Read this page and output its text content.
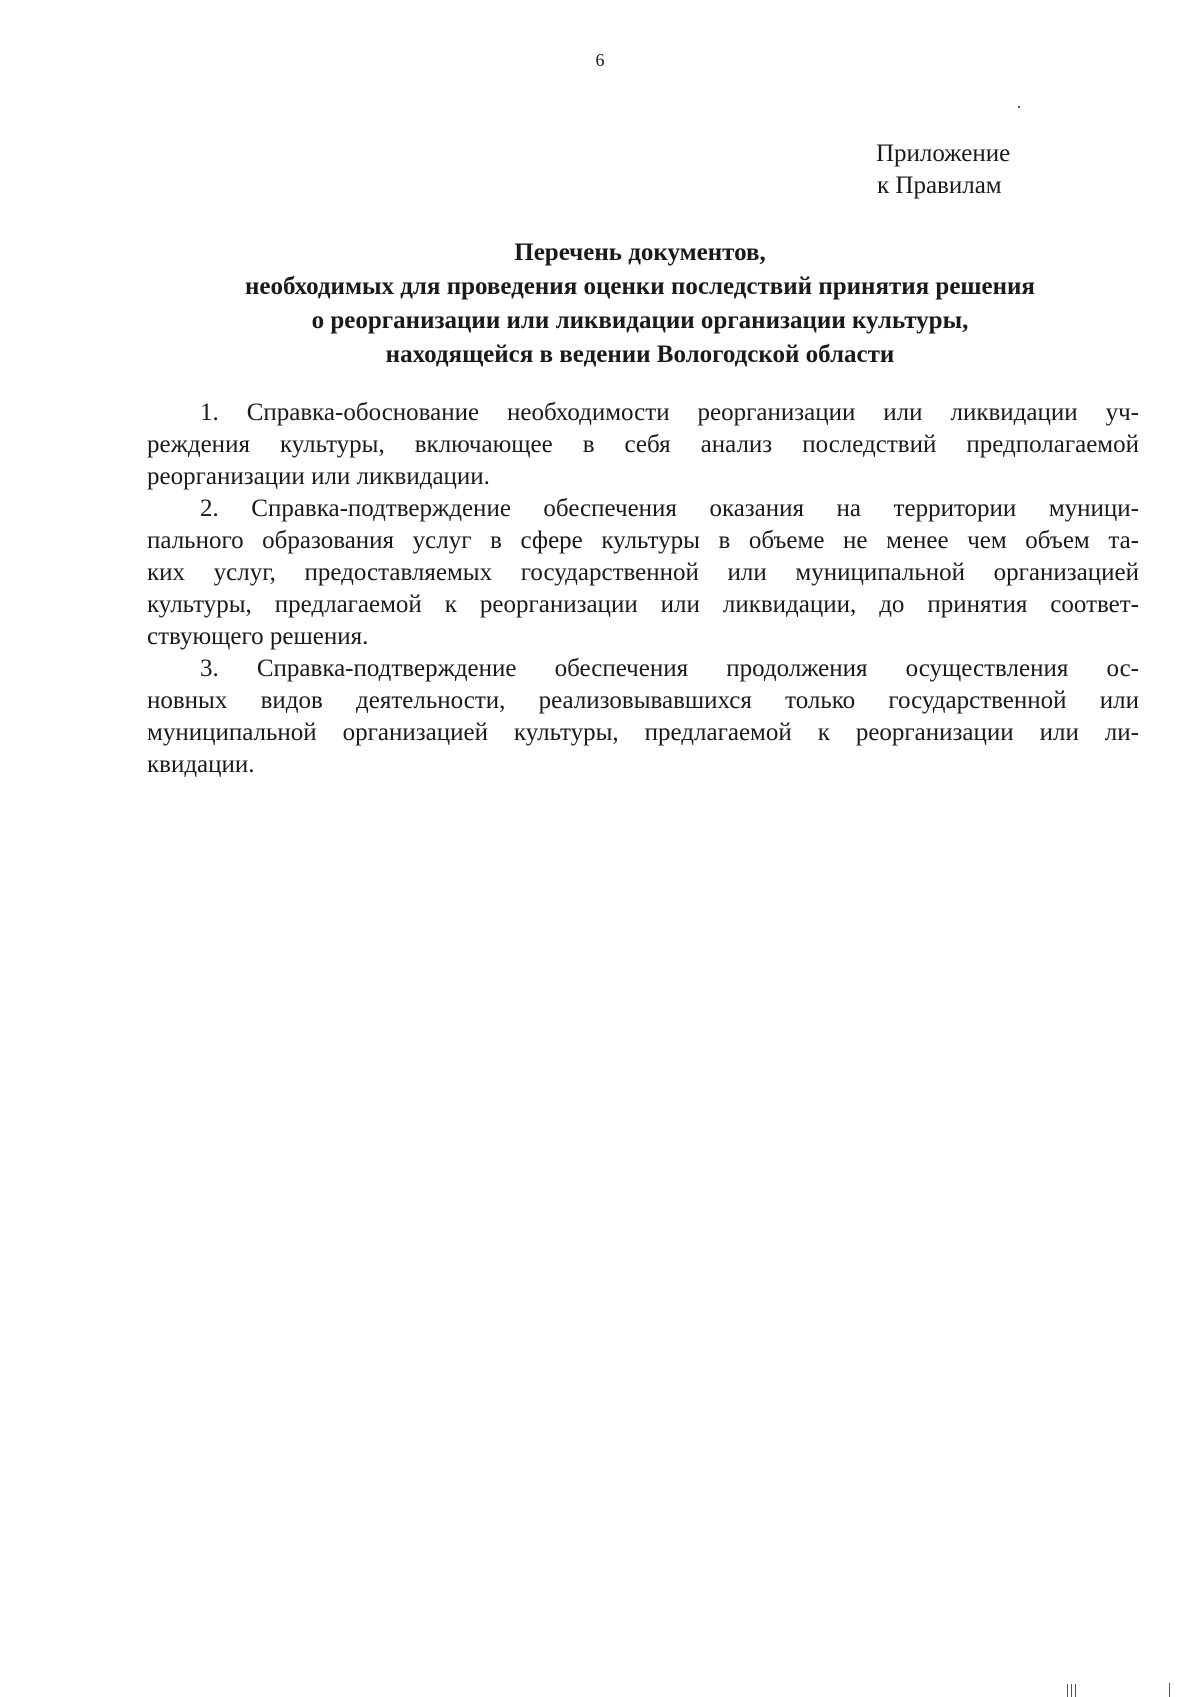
6
Приложение
к Правилам
Перечень документов,
необходимых для проведения оценки последствий принятия решения
о реорганизации или ликвидации организации культуры,
находящейся в ведении Вологодской области
1. Справка-обоснование необходимости реорганизации или ликвидации уч-
реждения культуры, включающее в себя анализ последствий предполагаемой
реорганизации или ликвидации.
2. Справка-подтверждение обеспечения оказания на территории муници-
пального образования услуг в сфере культуры в объеме не менее чем объем та-
ких услуг, предоставляемых государственной или муниципальной организацией
культуры, предлагаемой к реорганизации или ликвидации, до принятия соответ-
ствующего решения.
3. Справка-подтверждение обеспечения продолжения осуществления ос-
новных видов деятельности, реализовывавшихся только государственной или
муниципальной организацией культуры, предлагаемой к реорганизации или ли-
квидации.
